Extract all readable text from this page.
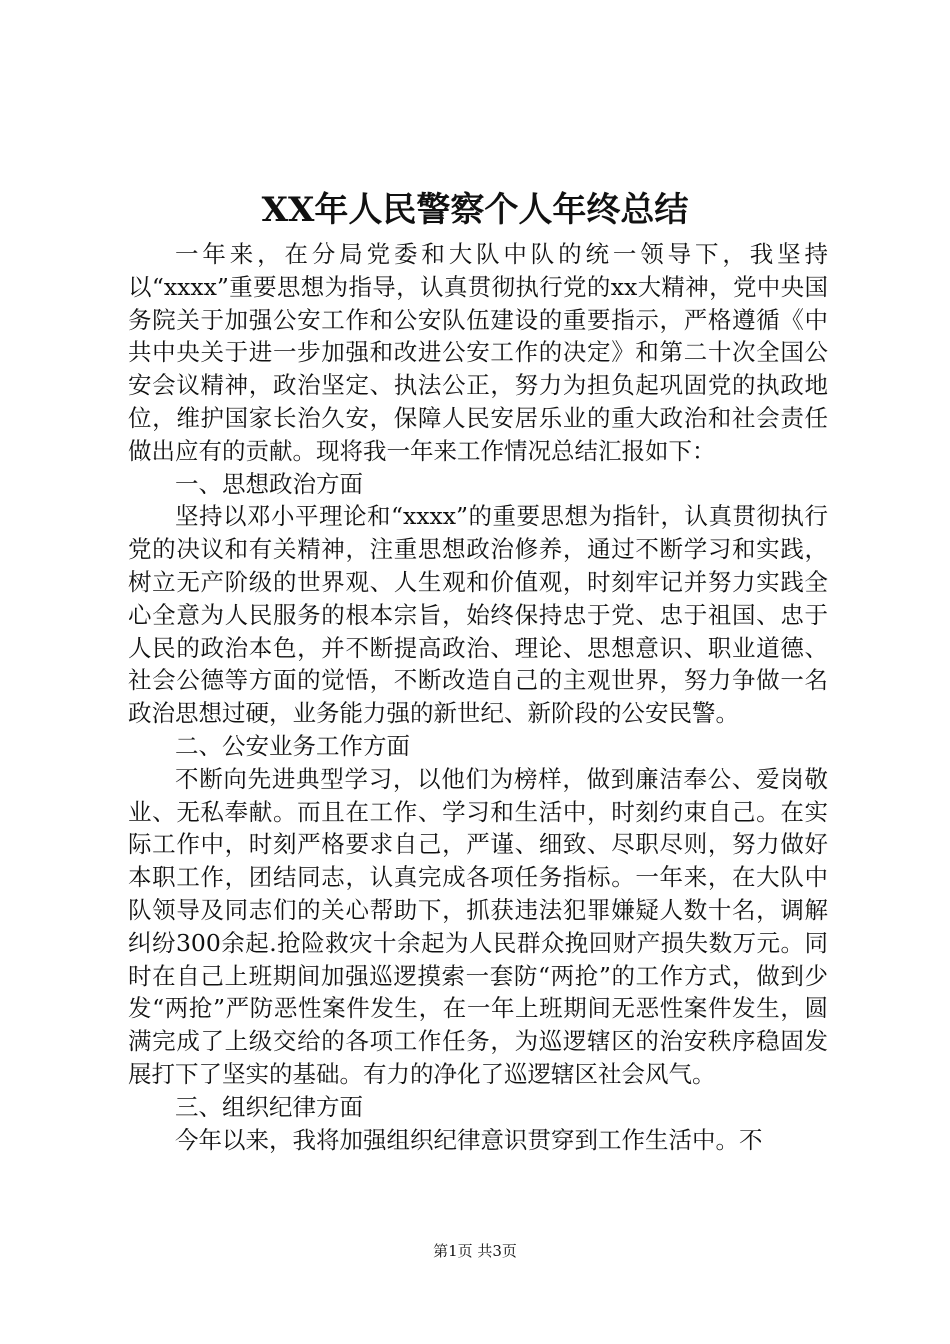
XX年人民警察个人年终总结

一年来，在分局党委和大队中队的统一领导下，我坚持以“xxxx”重要思想为指导，认真贯彻执行党的xx大精神，党中央国务院关于加强公安工作和公安队伍建设的重要指示，严格遵循《中共中央关于进一步加强和改进公安工作的决定》和第二十次全国公安会议精神，政治坚定、执法公正，努力为担负起巩固党的执政地位，维护国家长治久安，保障人民安居乐业的重大政治和社会责任做出应有的贡献。现将我一年来工作情况总结汇报如下：

一、思想政治方面

坚持以邓小平理论和“xxxx”的重要思想为指针，认真贯彻执行党的决议和有关精神，注重思想政治修养，通过不断学习和实践，树立无产阶级的世界观、人生观和价值观，时刻牢记并努力实践全心全意为人民服务的根本宗旨，始终保持忠于党、忠于祖国、忠于人民的政治本色，并不断提高政治、理论、思想意识、职业道德、社会公德等方面的觉悟，不断改造自己的主观世界，努力争做一名政治思想过硬，业务能力强的新世纪、新阶段的公安民警。

二、公安业务工作方面

不断向先进典型学习，以他们为榜样，做到廉洁奉公、爱岗敬业、无私奉献。而且在工作、学习和生活中，时刻约束自己。在实际工作中，时刻严格要求自己，严谨、细致、尽职尽则，努力做好本职工作，团结同志，认真完成各项任务指标。一年来，在大队中队领导及同志们的关心帮助下，抓获违法犯罪嫌疑人数十名，调解纠纷300余起.抢险救灾十余起为人民群众挽回财产损失数万元。同时在自己上班期间加强巡逻摸索一套防“两抢”的工作方式，做到少发“两抢”严防恶性案件发生，在一年上班期间无恶性案件发生，圆满完成了上级交给的各项工作任务，为巡逻辖区的治安秩序稳固发展打下了坚实的基础。有力的净化了巡逻辖区社会风气。

三、组织纪律方面

今年以来，我将加强组织纪律意识贯穿到工作生活中。不

第1页 共3页
